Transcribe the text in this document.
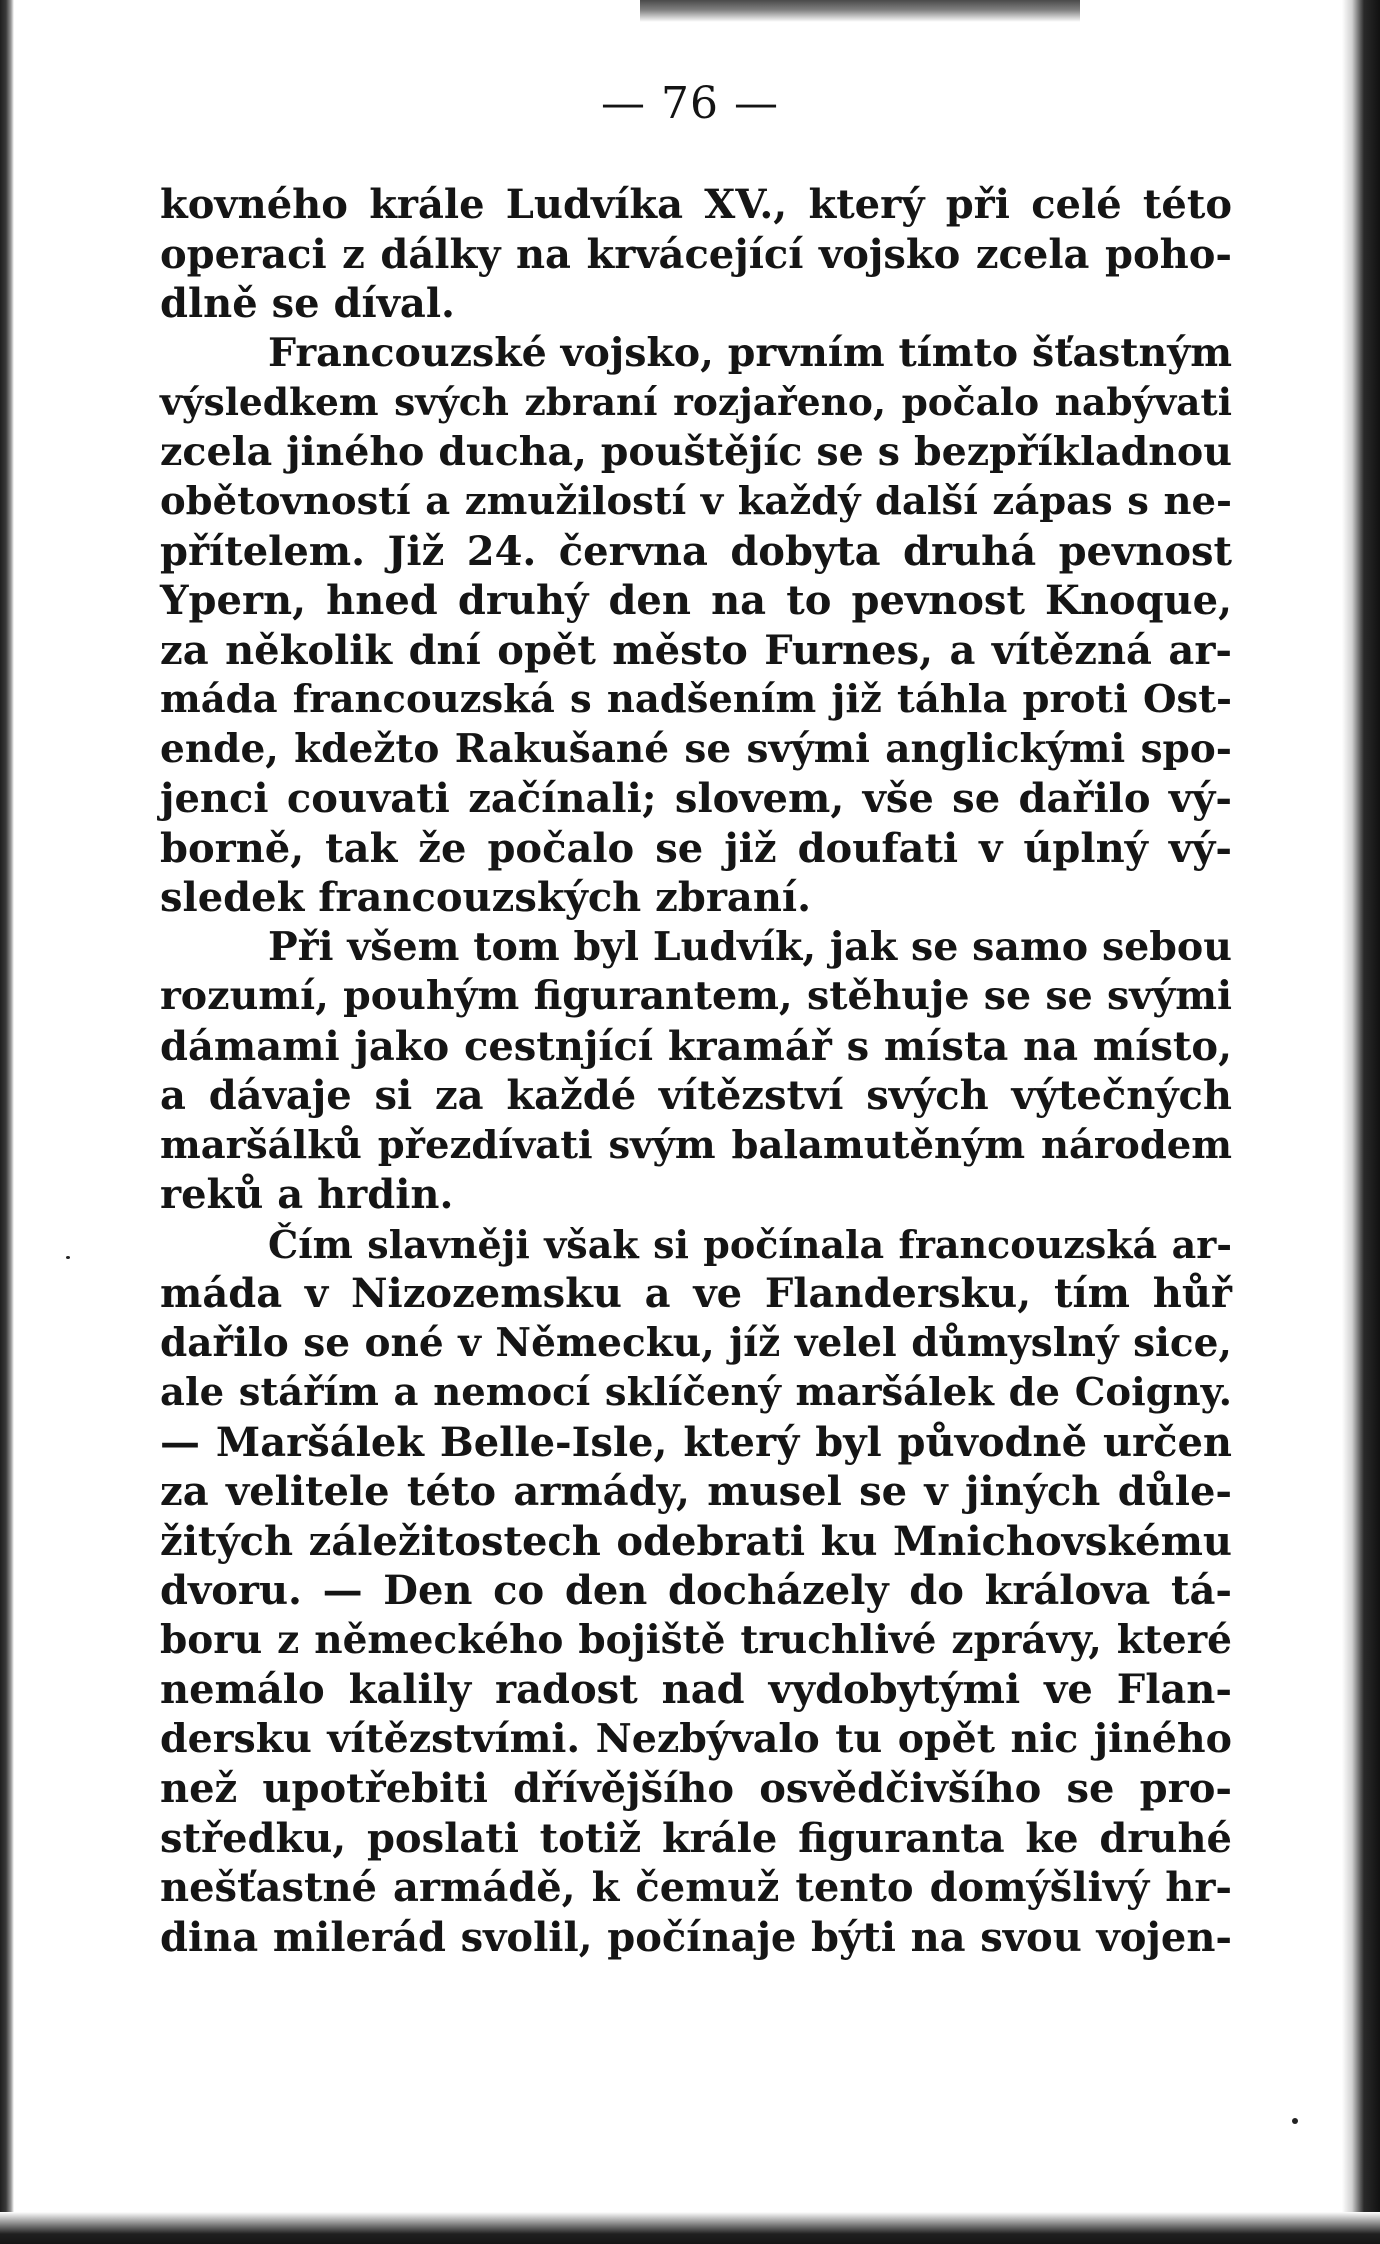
— 76 —
kovného krále Ludvíka XV., který při celé této
operaci z dálky na krvácející vojsko zcela poho-
dlně se díval.
Francouzské vojsko, prvním tímto šťastným
výsledkem svých zbraní rozjařeno, počalo nabývati
zcela jiného ducha, pouštějíc se s bezpříkladnou
obětovností a zmužilostí v každý další zápas s ne-
přítelem. Již 24. června dobyta druhá pevnost
Ypern, hned druhý den na to pevnost Knoque,
za několik dní opět město Furnes, a vítězná ar-
máda francouzská s nadšením již táhla proti Ost-
ende, kdežto Rakušané se svými anglickými spo-
jenci couvati začínali; slovem, vše se dařilo vý-
borně, tak že počalo se již doufati v úplný vý-
sledek francouzských zbraní.
Při všem tom byl Ludvík, jak se samo sebou
rozumí, pouhým figurantem, stěhuje se se svými
dámami jako cestnjící kramář s místa na místo,
a dávaje si za každé vítězství svých výtečných
maršálků přezdívati svým balamutěným národem
reků a hrdin.
Čím slavněji však si počínala francouzská ar-
máda v Nizozemsku a ve Flandersku, tím hůř
dařilo se oné v Německu, jíž velel důmyslný sice,
ale stářím a nemocí sklíčený maršálek de Coigny.
— Maršálek Belle-Isle, který byl původně určen
za velitele této armády, musel se v jiných důle-
žitých záležitostech odebrati ku Mnichovskému
dvoru. — Den co den docházely do králova tá-
boru z německého bojiště truchlivé zprávy, které
nemálo kalily radost nad vydobytými ve Flan-
dersku vítězstvími. Nezbývalo tu opět nic jiného
než upotřebiti dřívějšího osvědčivšího se pro-
středku, poslati totiž krále figuranta ke druhé
nešťastné armádě, k čemuž tento domýšlivý hr-
dina milerád svolil, počínaje býti na svou vojen-
